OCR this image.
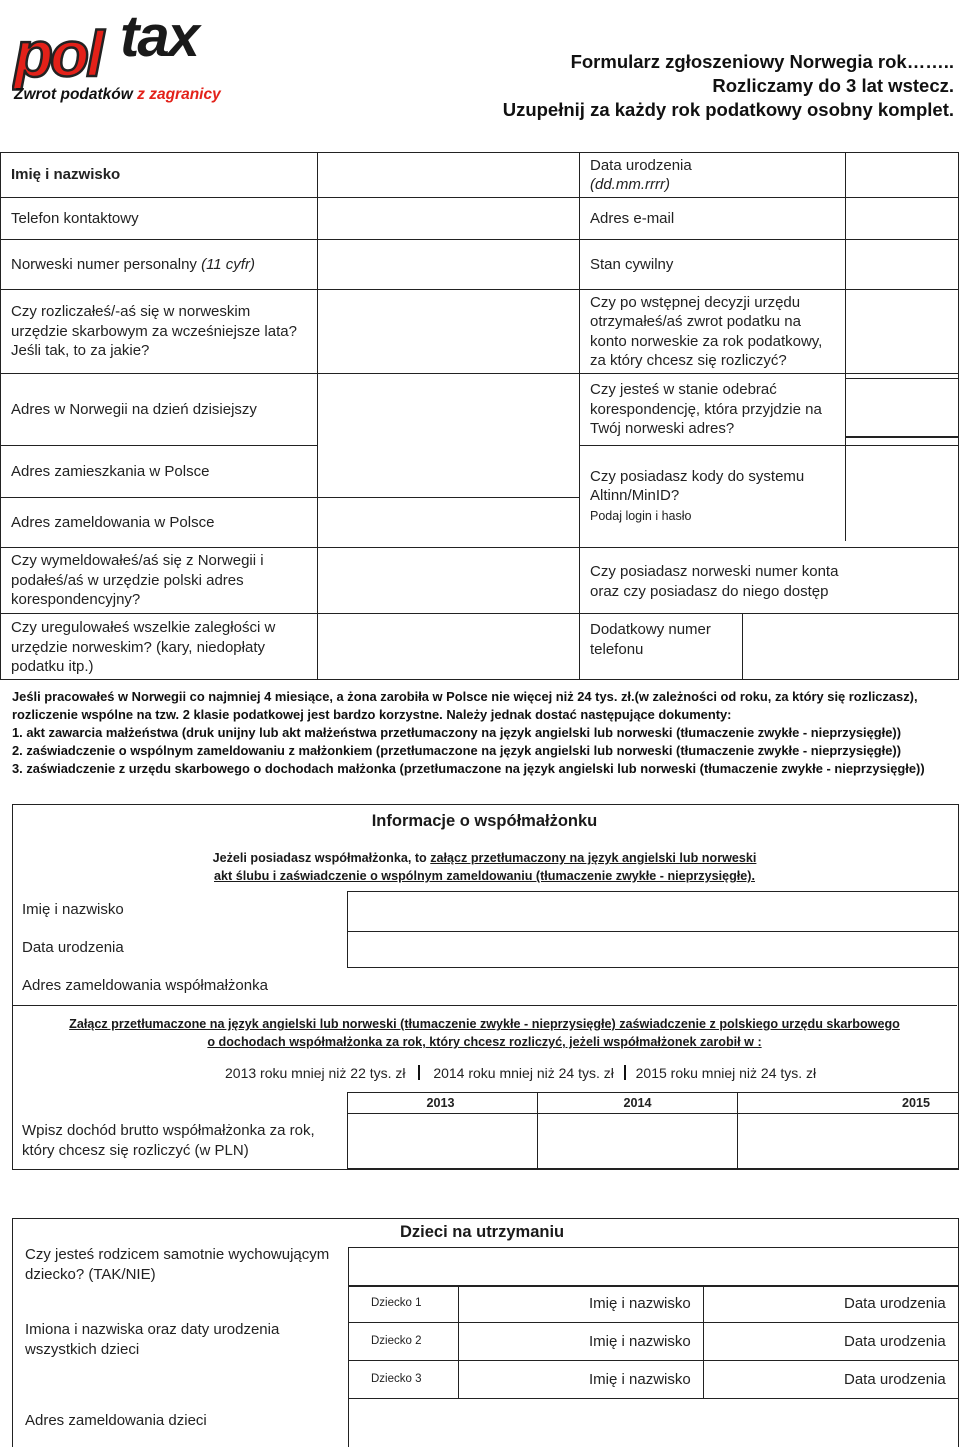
pol tax
Zwrot podatków z zagranicy
Formularz zgłoszeniowy Norwegia rok……..
Rozliczamy do 3 lat wstecz.
Uzupełnij za każdy rok podatkowy osobny komplet.
Imię i nazwisko		Data urodzenia
(dd.mm.rrrr)		
Telefon kontaktowy		Adres e-mail		
Norweski numer personalny (11 cyfr)		Stan cywilny		
Czy rozliczałeś/-aś się w norweskim urzędzie skarbowym za wcześniejsze lata?
Jeśli tak, to za jakie?		Czy po wstępnej decyzji urzędu otrzymałeś/aś zwrot podatku na konto norweskie za rok podatkowy, za który chcesz się rozliczyć?		
Adres w Norwegii na dzień dzisiejszy		Czy jesteś w stanie odebrać korespondencję, która przyjdzie na Twój norweski adres?		
Adres zamieszkania w Polsce		Czy posiadasz kody do systemu Altinn/MinID?
Podaj login i hasło		
Adres zameldowania w Polsce				
Czy wymeldowałeś/aś się z Norwegii i podałeś/aś w urzędzie polski adres korespondencyjny?		Czy posiadasz norweski numer konta oraz czy posiadasz do niego dostęp		
Czy uregulowałeś wszelkie zaległości w urzędzie norweskim? (kary, niedopłaty podatku itp.)		Dodatkowy numer telefonu		
Jeśli pracowałeś w Norwegii co najmniej 4 miesiące, a żona zarobiła w Polsce nie więcej niż 24 tys. zł.(w zależności od roku, za który się rozliczasz), rozliczenie wspólne na tzw. 2 klasie podatkowej jest bardzo korzystne. Należy jednak dostać następujące dokumenty:
1. akt zawarcia małżeństwa (druk unijny lub akt małżeństwa przetłumaczony na język angielski lub norweski (tłumaczenie zwykłe - nieprzysięgłe))
2. zaświadczenie o wspólnym zameldowaniu z małżonkiem (przetłumaczone na język angielski lub norweski (tłumaczenie zwykłe - nieprzysięgłe))
3. zaświadczenie z urzędu skarbowego o dochodach małżonka (przetłumaczone na język angielski lub norweski (tłumaczenie zwykłe - nieprzysięgłe))
Informacje o współmałżonku
Jeżeli posiadasz współmałżonka, to załącz przetłumaczony na język angielski lub norweski
akt ślubu i zaświadczenie o wspólnym zameldowaniu (tłumaczenie zwykłe - nieprzysięgłe).
Imię i nazwisko
Data urodzenia
Adres zameldowania współmałżonka
Załącz przetłumaczone na język angielski lub norweski (tłumaczenie zwykłe - nieprzysięgłe) zaświadczenie z polskiego urzędu skarbowego
o dochodach współmałżonka za rok, który chcesz rozliczyć, jeżeli współmałżonek zarobił w :
2013 roku mniej niż 22 tys. zł 2014 roku mniej niż 24 tys. zł 2015 roku mniej niż 24 tys. zł
Wpisz dochód brutto współmałżonka za rok, który chcesz się rozliczyć (w PLN)
2013	2014	2015

Dzieci na utrzymaniu
Czy jesteś rodzicem samotnie wychowującym dziecko? (TAK/NIE)
Imiona i nazwiska oraz daty urodzenia wszystkich dzieci
Dziecko 1	Imię i nazwisko	Data urodzenia
Dziecko 2	Imię i nazwisko	Data urodzenia
Dziecko 3	Imię i nazwisko	Data urodzenia
Adres zameldowania dzieci
